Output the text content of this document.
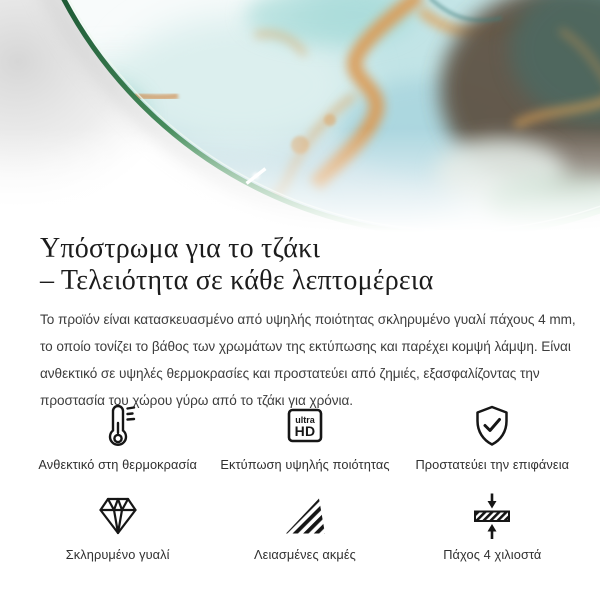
Υπόστρωμα για το τζάκι
– Τελειότητα σε κάθε λεπτομέρεια
Το προϊόν είναι κατασκευασμένο από υψηλής ποιότητας σκληρυμένο γυαλί πάχους 4 mm,
το οποίο τονίζει το βάθος των χρωμάτων της εκτύπωσης και παρέχει κομψή λάμψη. Είναι
ανθεκτικό σε υψηλές θερμοκρασίες και προστατεύει από ζημιές, εξασφαλίζοντας την
προστασία του χώρου γύρω από το τζάκι για χρόνια.
Ανθεκτικό στη θερμοκρασία
ultra
HD
Εκτύπωση υψηλής ποιότητας Προστατεύει την επιφάνεια
Σκληρυμένο γυαλί	Λειασμένες ακμές	Πάχος 4 χιλιοστά
